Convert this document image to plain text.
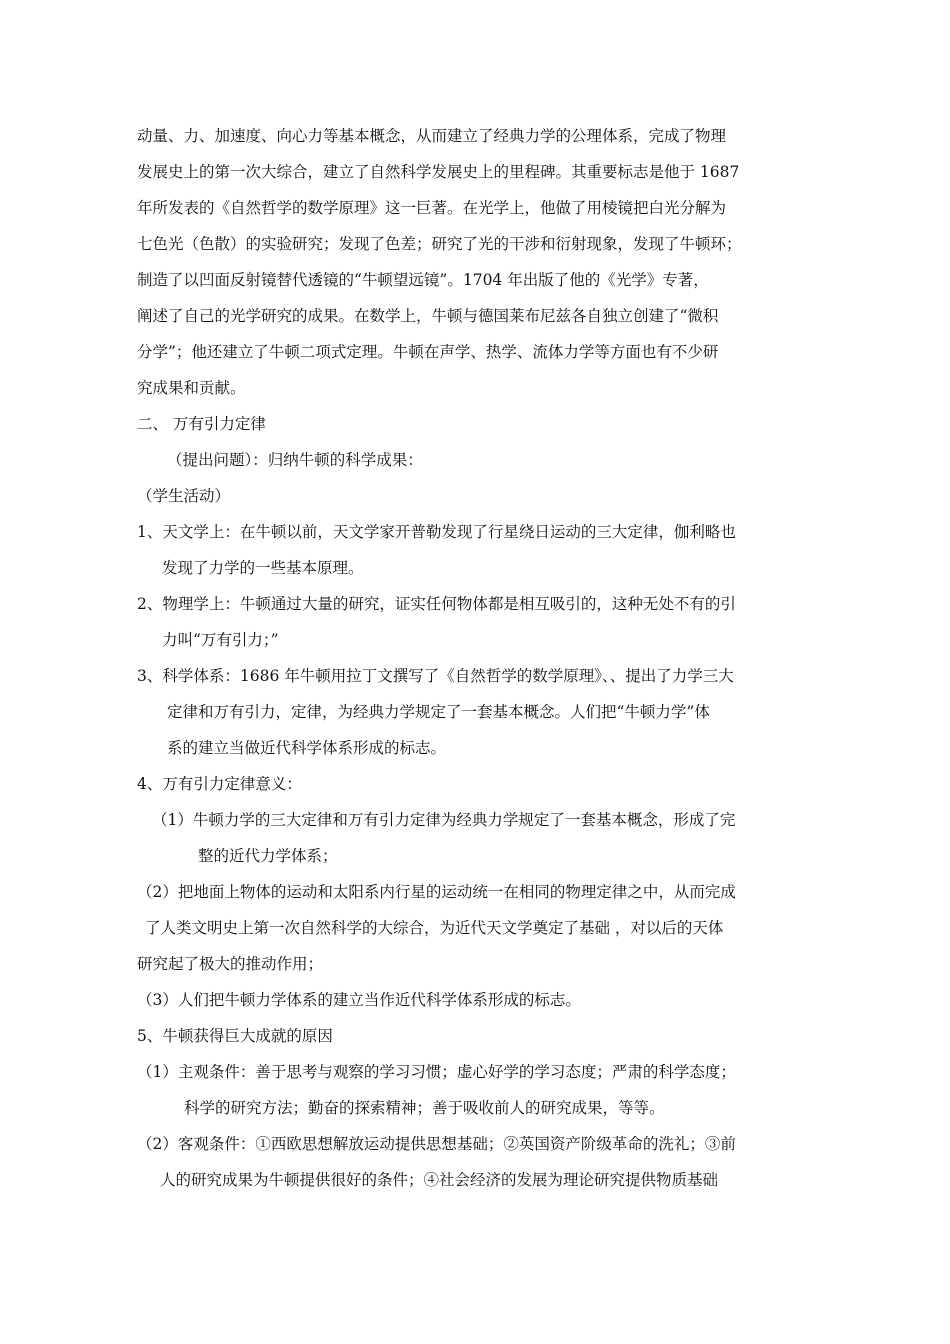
动量、力、加速度、向心力等基本概念，从而建立了经典力学的公理体系，完成了物理

发展史上的第一次大综合，建立了自然科学发展史上的里程碑。其重要标志是他于 1687

年所发表的《自然哲学的数学原理》这一巨著。在光学上，他做了用棱镜把白光分解为

七色光（色散）的实验研究；发现了色差；研究了光的干涉和衍射现象，发现了牛顿环；

制造了以凹面反射镜替代透镜的“牛顿望远镜”。1704 年出版了他的《光学》专著，

阐述了自己的光学研究的成果。在数学上，牛顿与德国莱布尼兹各自独立创建了“微积

分学”；他还建立了牛顿二项式定理。牛顿在声学、热学、流体力学等方面也有不少研

究成果和贡献。

二、 万有引力定律

（提出问题）：归纳牛顿的科学成果：

（学生活动）

1、天文学上：在牛顿以前，天文学家开普勒发现了行星绕日运动的三大定律，伽利略也

发现了力学的一些基本原理。

2、物理学上：牛顿通过大量的研究，证实任何物体都是相互吸引的，这种无处不有的引

力叫“万有引力；”

3、科学体系：1686 年牛顿用拉丁文撰写了《自然哲学的数学原理》、、提出了力学三大

定律和万有引力，定律，为经典力学规定了一套基本概念。人们把“牛顿力学”体

系的建立当做近代科学体系形成的标志。

4、万有引力定律意义：

（1）牛顿力学的三大定律和万有引力定律为经典力学规定了一套基本概念，形成了完

整的近代力学体系；

（2）把地面上物体的运动和太阳系内行星的运动统一在相同的物理定律之中，从而完成

了人类文明史上第一次自然科学的大综合，为近代天文学奠定了基础 ，对以后的天体

研究起了极大的推动作用；

（3）人们把牛顿力学体系的建立当作近代科学体系形成的标志。

5、牛顿获得巨大成就的原因

（1）主观条件：善于思考与观察的学习习惯；虚心好学的学习态度；严肃的科学态度；

科学的研究方法；勤奋的探索精神；善于吸收前人的研究成果，等等。

（2）客观条件：①西欧思想解放运动提供思想基础；②英国资产阶级革命的洗礼；③前

人的研究成果为牛顿提供很好的条件；④社会经济的发展为理论研究提供物质基础
